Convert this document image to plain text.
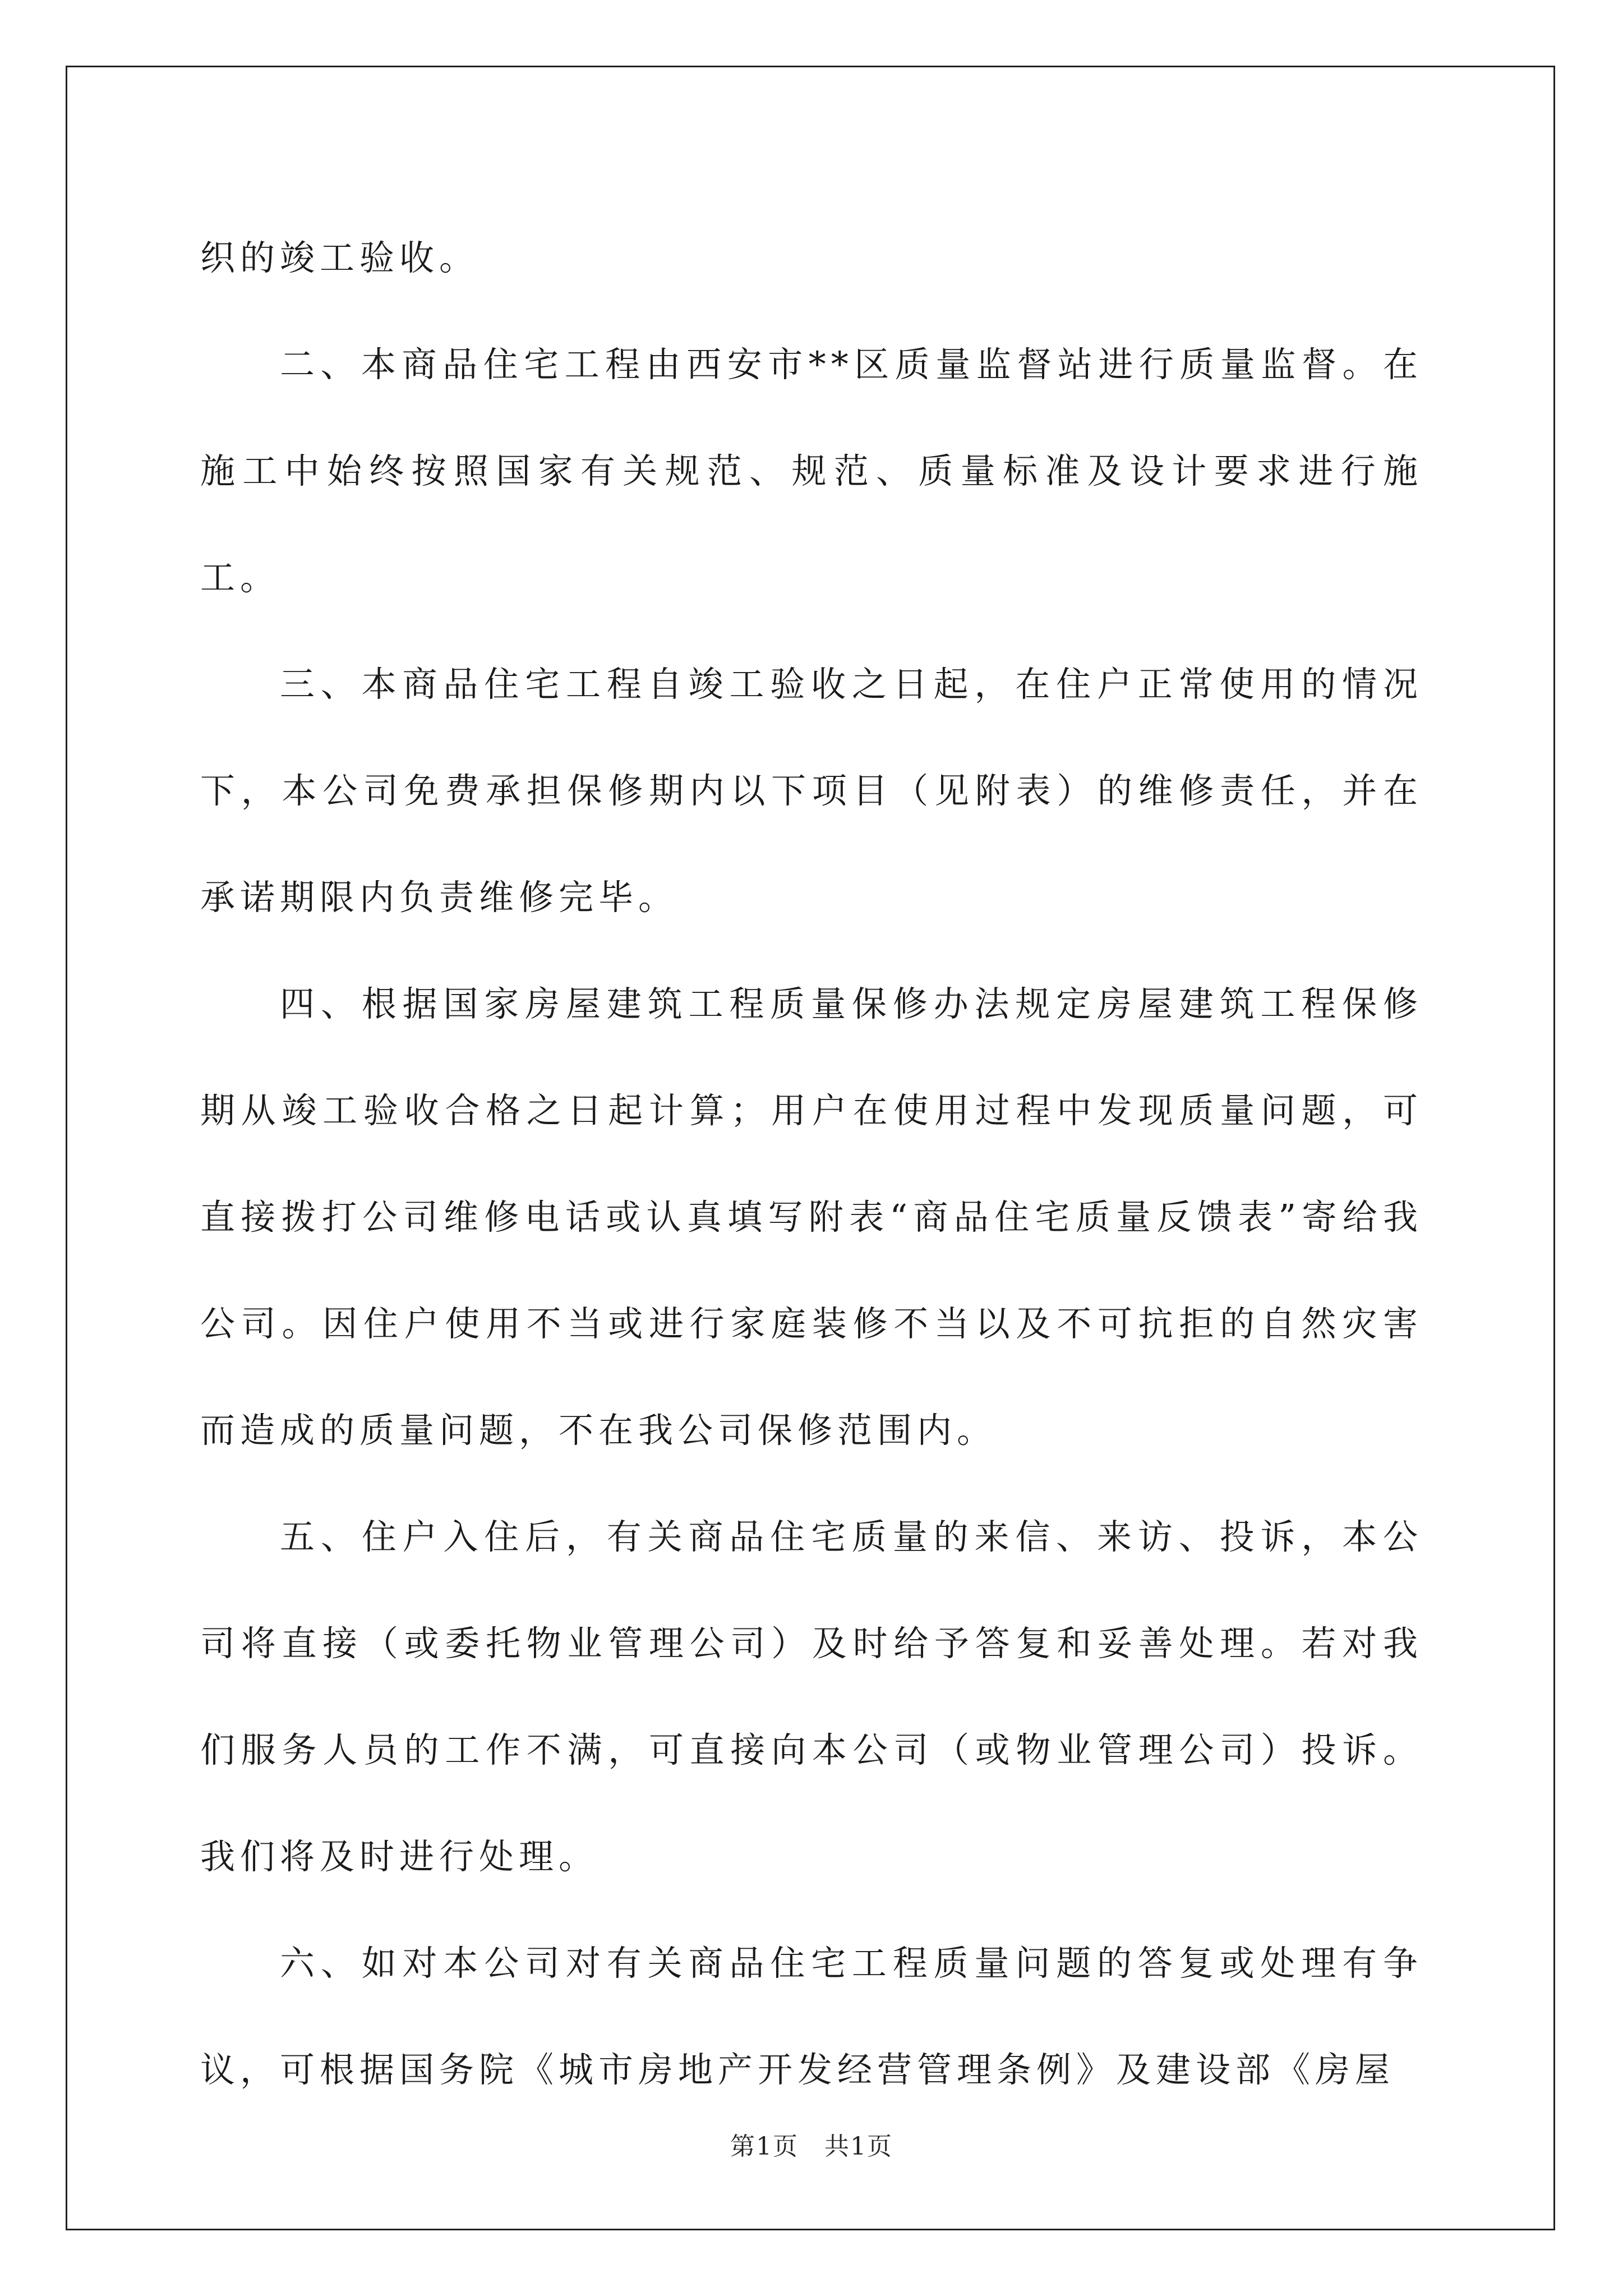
织的竣工验收。

二、本商品住宅工程由西安市**区质量监督站进行质量监督。在施工中始终按照国家有关规范、规范、质量标准及设计要求进行施工。

三、本商品住宅工程自竣工验收之日起，在住户正常使用的情况下，本公司免费承担保修期内以下项目（见附表）的维修责任，并在承诺期限内负责维修完毕。

四、根据国家房屋建筑工程质量保修办法规定房屋建筑工程保修期从竣工验收合格之日起计算；用户在使用过程中发现质量问题，可直接拨打公司维修电话或认真填写附表“商品住宅质量反馈表”寄给我公司。因住户使用不当或进行家庭装修不当以及不可抗拒的自然灾害而造成的质量问题，不在我公司保修范围内。

五、住户入住后，有关商品住宅质量的来信、来访、投诉，本公司将直接（或委托物业管理公司）及时给予答复和妥善处理。若对我们服务人员的工作不满，可直接向本公司（或物业管理公司）投诉。我们将及时进行处理。

六、如对本公司对有关商品住宅工程质量问题的答复或处理有争议，可根据国务院《城市房地产开发经营管理条例》及建设部《房屋

第1页　共1页
